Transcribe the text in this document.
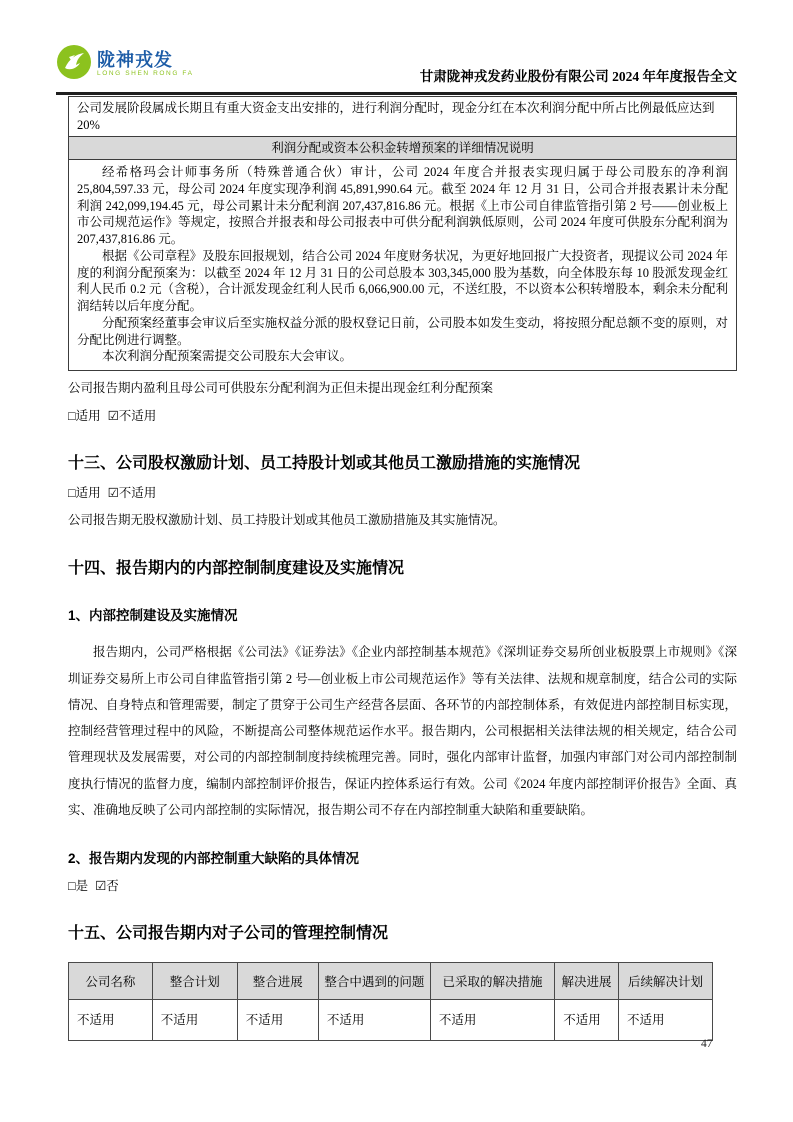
陇神戎发
LONG SHEN RONG FA	甘肃陇神戎发药业股份有限公司 2024 年年度报告全文
公司发展阶段属成长期且有重大资金支出安排的，进行利润分配时，现金分红在本次利润分配中所占比例最低应达到
20%
利润分配或资本公积金转增预案的详细情况说明

经希格玛会计师事务所（特殊普通合伙）审计，公司 2024 年度合并报表实现归属于母公司股东的净利润 25,804,597.33 元，母公司 2024 年度实现净利润 45,891,990.64 元。截至 2024 年 12 月 31 日，公司合并报表累计未分配利润 242,099,194.45 元，母公司累计未分配利润 207,437,816.86 元。根据《上市公司自律监管指引第 2 号——创业板上市公司规范运作》等规定，按照合并报表和母公司报表中可供分配利润孰低原则，公司 2024 年度可供股东分配利润为 207,437,816.86 元。

根据《公司章程》及股东回报规划，结合公司 2024 年度财务状况，为更好地回报广大投资者，现提议公司 2024 年度的利润分配预案为：以截至 2024 年 12 月 31 日的公司总股本 303,345,000 股为基数，向全体股东每 10 股派发现金红利人民币 0.2 元（含税），合计派发现金红利人民币 6,066,900.00 元，不送红股，不以资本公积转增股本，剩余未分配利润结转以后年度分配。

分配预案经董事会审议后至实施权益分派的股权登记日前，公司股本如发生变动，将按照分配总额不变的原则，对分配比例进行调整。

本次利润分配预案需提交公司股东大会审议。

公司报告期内盈利且母公司可供股东分配利润为正但未提出现金红利分配预案

□适用 ☑不适用

十三、公司股权激励计划、员工持股计划或其他员工激励措施的实施情况

□适用 ☑不适用

公司报告期无股权激励计划、员工持股计划或其他员工激励措施及其实施情况。

十四、报告期内的内部控制制度建设及实施情况
1、内部控制建设及实施情况

报告期内，公司严格根据《公司法》《证券法》《企业内部控制基本规范》《深圳证券交易所创业板股票上市规则》《深圳证券交易所上市公司自律监管指引第 2 号—创业板上市公司规范运作》等有关法律、法规和规章制度，结合公司的实际情况、自身特点和管理需要，制定了贯穿于公司生产经营各层面、各环节的内部控制体系，有效促进内部控制目标实现，控制经营管理过程中的风险，不断提高公司整体规范运作水平。报告期内，公司根据相关法律法规的相关规定，结合公司管理现状及发展需要，对公司的内部控制制度持续梳理完善。同时，强化内部审计监督，加强内审部门对公司内部控制制度执行情况的监督力度，编制内部控制评价报告，保证内控体系运行有效。公司《2024 年度内部控制评价报告》全面、真实、准确地反映了公司内部控制的实际情况，报告期公司不存在内部控制重大缺陷和重要缺陷。

2、报告期内发现的内部控制重大缺陷的具体情况

□是 ☑否

十五、公司报告期内对子公司的管理控制情况
公司名称	整合计划	整合进展	整合中遇到的问题	已采取的解决措施	解决进展	后续解决计划
不适用	不适用	不适用	不适用	不适用	不适用	不适用
47
